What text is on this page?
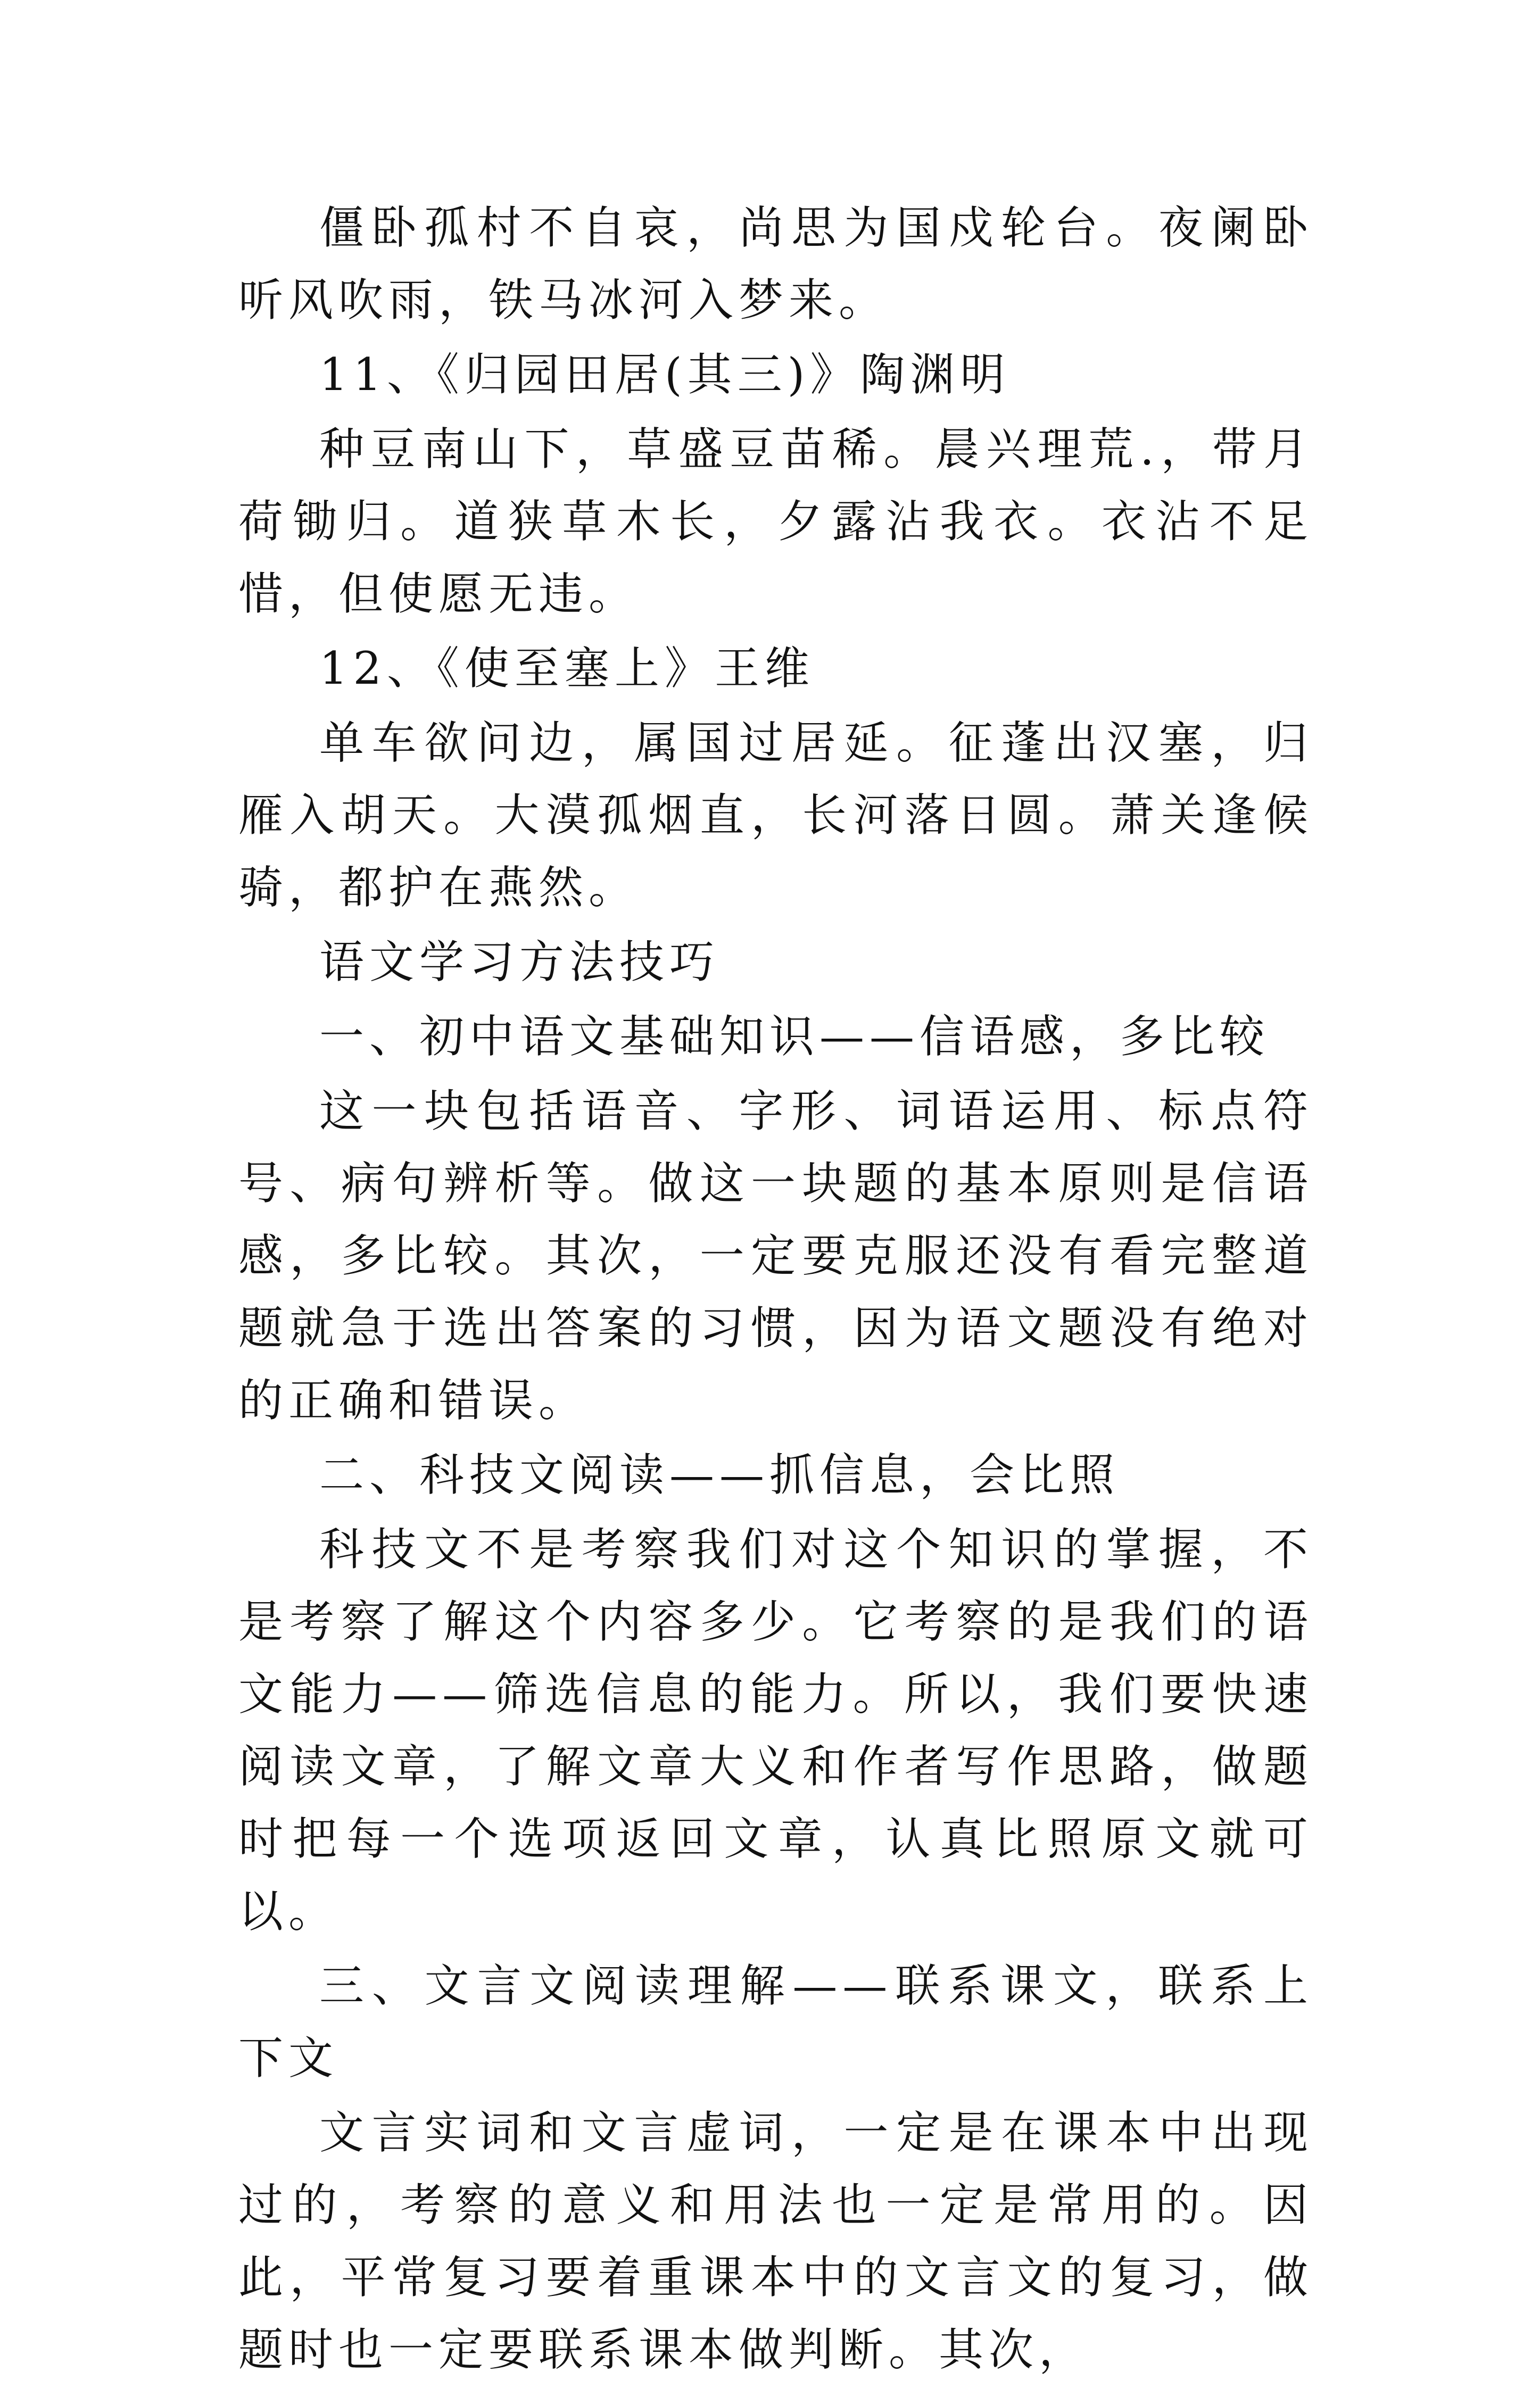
僵卧孤村不自哀，尚思为国戍轮台。夜阑卧听风吹雨，铁马冰河入梦来。

11、《归园田居(其三)》陶渊明

种豆南山下，草盛豆苗稀。晨兴理荒.，带月荷锄归。道狭草木长，夕露沾我衣。衣沾不足惜，但使愿无违。

12、《使至塞上》王维

单车欲问边，属国过居延。征蓬出汉塞，归雁入胡天。大漠孤烟直，长河落日圆。萧关逢候骑，都护在燕然。

语文学习方法技巧

一、初中语文基础知识——信语感，多比较

这一块包括语音、字形、词语运用、标点符号、病句辨析等。做这一块题的基本原则是信语感，多比较。其次，一定要克服还没有看完整道题就急于选出答案的习惯，因为语文题没有绝对的正确和错误。

二、科技文阅读——抓信息，会比照

科技文不是考察我们对这个知识的掌握，不是考察了解这个内容多少。它考察的是我们的语文能力——筛选信息的能力。所以，我们要快速阅读文章，了解文章大义和作者写作思路，做题时把每一个选项返回文章，认真比照原文就可以。

三、文言文阅读理解——联系课文，联系上下文

文言实词和文言虚词，一定是在课本中出现过的，考察的意义和用法也一定是常用的。因此，平常复习要着重课本中的文言文的复习，做题时也一定要联系课本做判断。其次，
